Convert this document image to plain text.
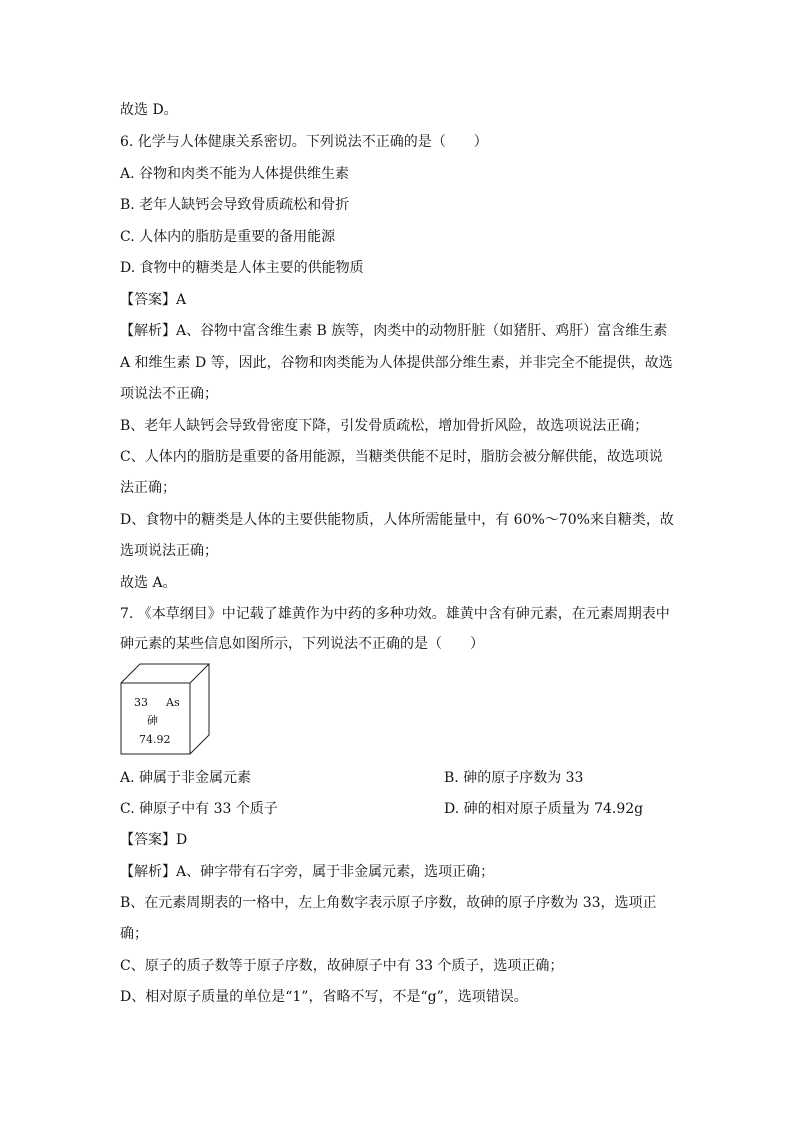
故选 D。
6. 化学与人体健康关系密切。下列说法不正确的是（　　）
A. 谷物和肉类不能为人体提供维生素
B. 老年人缺钙会导致骨质疏松和骨折
C. 人体内的脂肪是重要的备用能源
D. 食物中的糖类是人体主要的供能物质
【答案】A
【解析】A、谷物中富含维生素 B 族等，肉类中的动物肝脏（如猪肝、鸡肝）富含维生素
A 和维生素 D 等，因此，谷物和肉类能为人体提供部分维生素，并非完全不能提供，故选
项说法不正确；
B、老年人缺钙会导致骨密度下降，引发骨质疏松，增加骨折风险，故选项说法正确；
C、人体内的脂肪是重要的备用能源，当糖类供能不足时，脂肪会被分解供能，故选项说
法正确；
D、食物中的糖类是人体的主要供能物质，人体所需能量中，有 60%～70%来自糖类，故
选项说法正确；
故选 A。
7. 《本草纲目》中记载了雄黄作为中药的多种功效。雄黄中含有砷元素，在元素周期表中
砷元素的某些信息如图所示，下列说法不正确的是（　　）
33 As
砷
74.92
A. 砷属于非金属元素	B. 砷的原子序数为 33
C. 砷原子中有 33 个质子	D. 砷的相对原子质量为 74.92g
【答案】D
【解析】A、砷字带有石字旁，属于非金属元素，选项正确；
B、在元素周期表的一格中，左上角数字表示原子序数，故砷的原子序数为 33，选项正
确；
C、原子的质子数等于原子序数，故砷原子中有 33 个质子，选项正确；
D、相对原子质量的单位是“1”，省略不写，不是“g”，选项错误。
